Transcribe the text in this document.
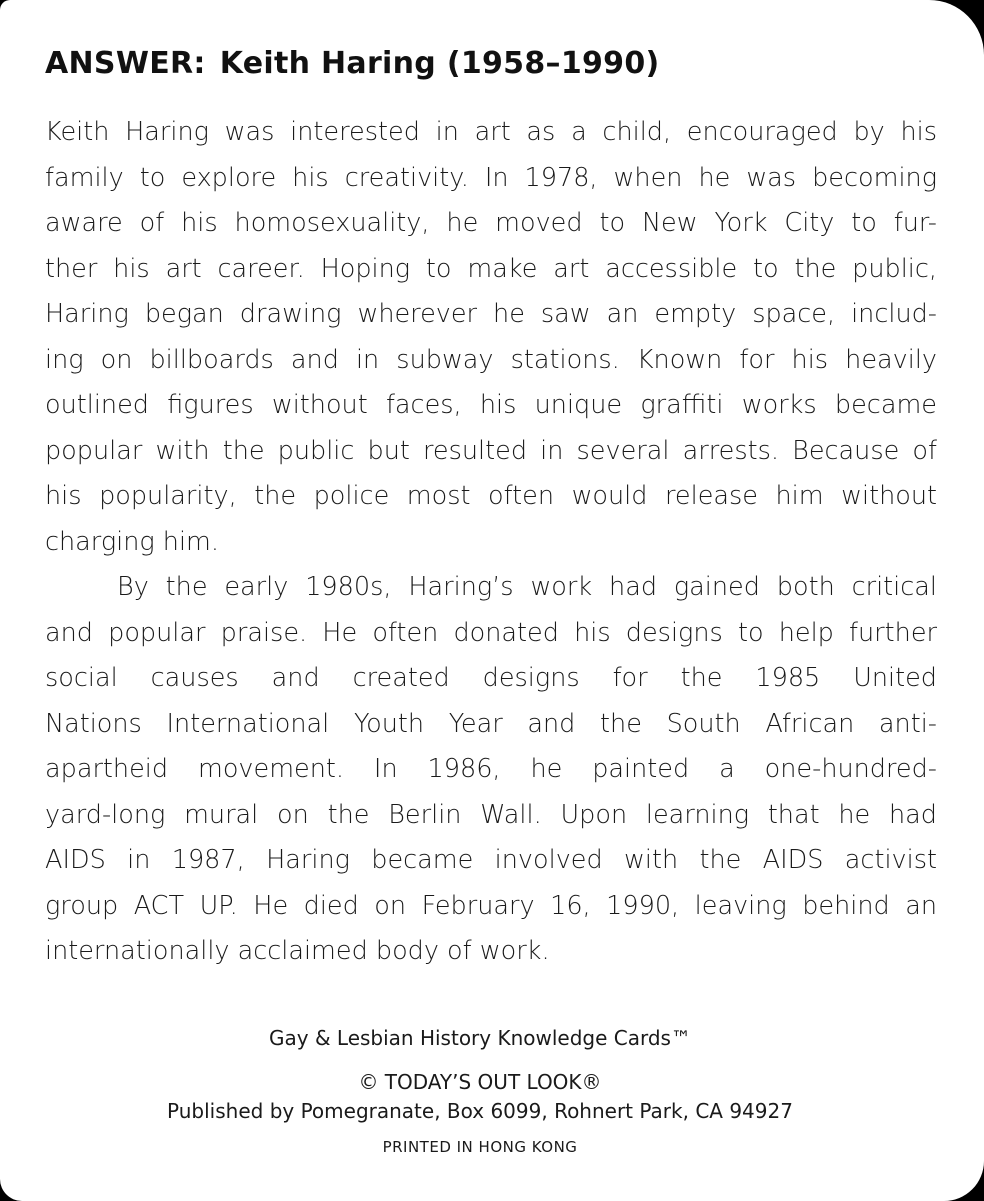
ANSWER: Keith Haring (1958–1990)
Keith Haring was interested in art as a child, encouraged by his
family to explore his creativity. In 1978, when he was becoming
aware of his homosexuality, he moved to New York City to fur-
ther his art career. Hoping to make art accessible to the public,
Haring began drawing wherever he saw an empty space, includ-
ing on billboards and in subway stations. Known for his heavily
outlined figures without faces, his unique graffiti works became
popular with the public but resulted in several arrests. Because of
his popularity, the police most often would release him without
charging him.
By the early 1980s, Haring’s work had gained both critical
and popular praise. He often donated his designs to help further
social causes and created designs for the 1985 United
Nations International Youth Year and the South African anti-
apartheid movement. In 1986, he painted a one-hundred-
yard-long mural on the Berlin Wall. Upon learning that he had
AIDS in 1987, Haring became involved with the AIDS activist
group ACT UP. He died on February 16, 1990, leaving behind an
internationally acclaimed body of work.
Gay & Lesbian History Knowledge Cards™
© TODAY’S OUT LOOK®
Published by Pomegranate, Box 6099, Rohnert Park, CA 94927
PRINTED IN HONG KONG
